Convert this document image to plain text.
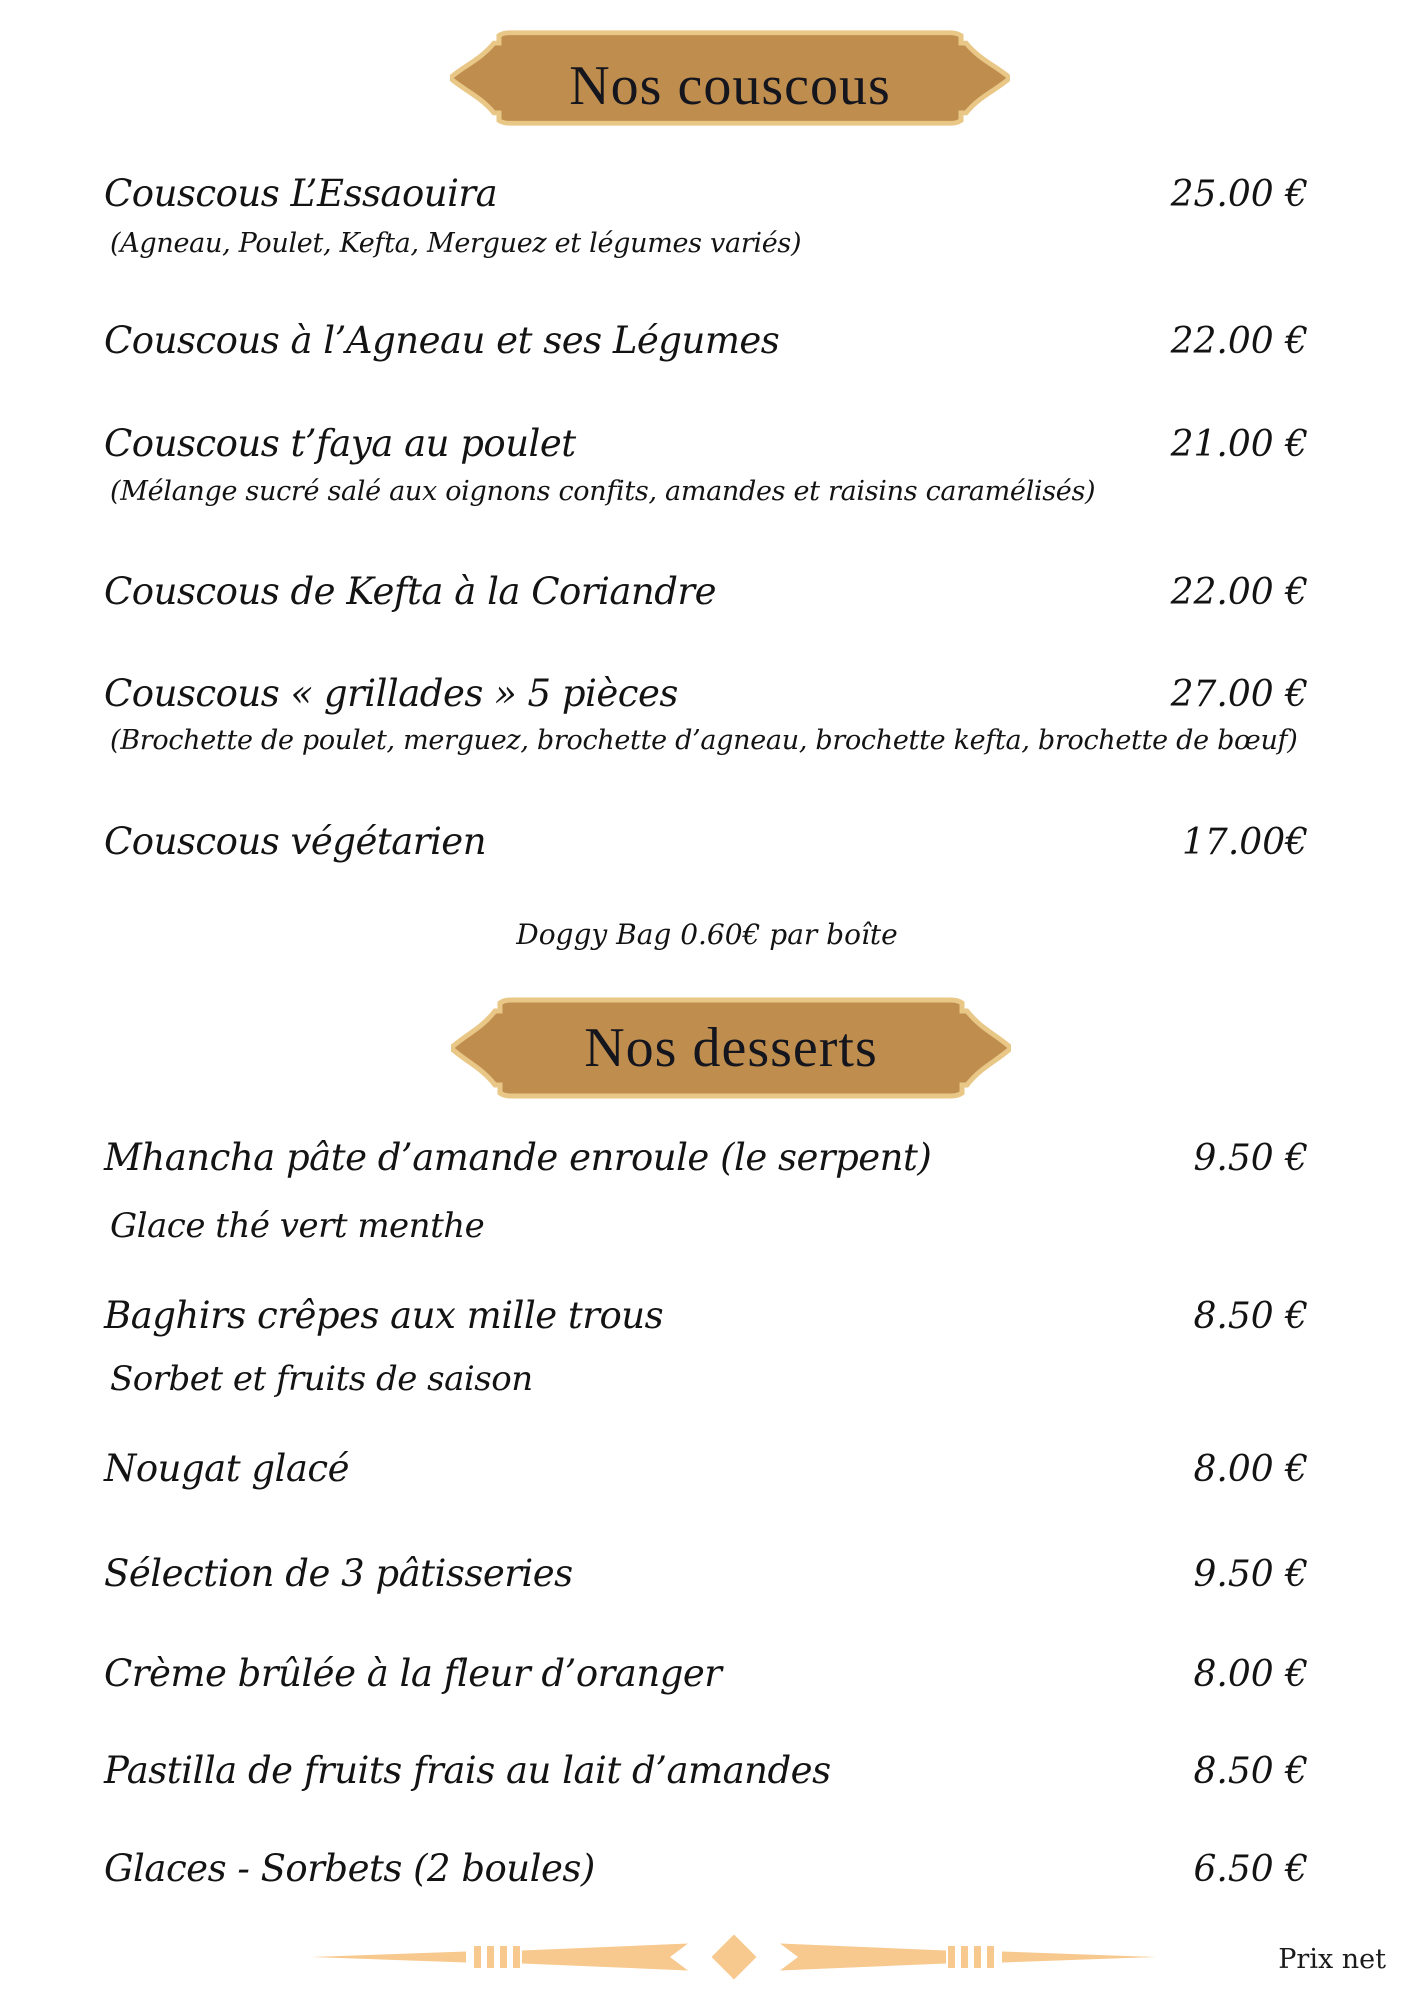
Nos couscous
Couscous L’Essaouira	25.00 €
(Agneau, Poulet, Kefta, Merguez et légumes variés)
Couscous à l’Agneau et ses Légumes	22.00 €
Couscous t’faya au poulet	21.00 €
(Mélange sucré salé aux oignons confits, amandes et raisins caramélisés)
Couscous de Kefta à la Coriandre	22.00 €
Couscous « grillades » 5 pièces	27.00 €
(Brochette de poulet, merguez, brochette d’agneau, brochette kefta, brochette de bœuf)
Couscous végétarien	17.00€
Doggy Bag 0.60€ par boîte
Nos desserts
Mhancha pâte d’amande enroule (le serpent)	9.50 €
Glace thé vert menthe
Baghirs crêpes aux mille trous	8.50 €
Sorbet et fruits de saison
Nougat glacé	8.00 €
Sélection de 3 pâtisseries	9.50 €
Crème brûlée à la fleur d’oranger	8.00 €
Pastilla de fruits frais au lait d’amandes	8.50 €
Glaces - Sorbets (2 boules)	6.50 €
Prix net
